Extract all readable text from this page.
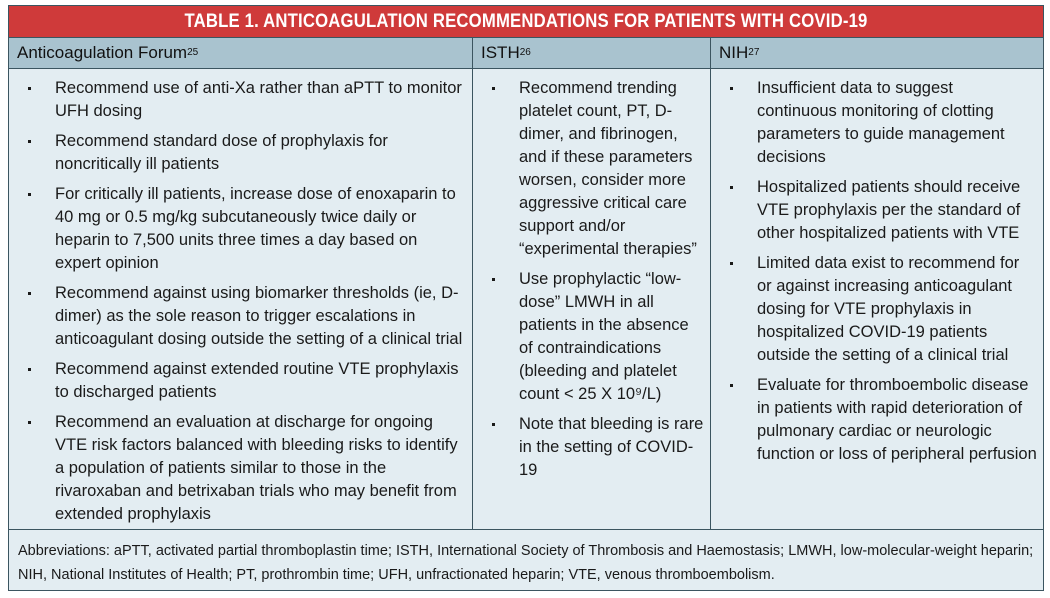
TABLE 1. ANTICOAGULATION RECOMMENDATIONS FOR PATIENTS WITH COVID-19
Anticoagulation Forum 25	ISTH 26	NIH 27
Recommend use of anti-Xa rather than aPTT to monitor UFH dosing
Recommend standard dose of prophylaxis for noncritically ill patients
For critically ill patients, increase dose of enoxaparin to 40 mg or 0.5 mg/kg subcutaneously twice daily or heparin to 7,500 units three times a day based on expert opinion
Recommend against using biomarker thresholds (ie, D-dimer) as the sole reason to trigger escalations in anticoagulant dosing outside the setting of a clinical trial
Recommend against extended routine VTE prophylaxis to discharged patients
Recommend an evaluation at discharge for ongoing VTE risk factors balanced with bleeding risks to identify a population of patients similar to those in the rivaroxaban and betrixaban trials who may benefit from extended prophylaxis
Recommend trending platelet count, PT, D-dimer, and fibrinogen, and if these parameters worsen, consider more aggressive critical care support and/or “experimental therapies”
Use prophylactic “low-dose” LMWH in all patients in the absence of contraindications (bleeding and platelet count < 25 X 10⁹/L)
Note that bleeding is rare in the setting of COVID-19
Insufficient data to suggest continuous monitoring of clotting parameters to guide management decisions
Hospitalized patients should receive VTE prophylaxis per the standard of other hospitalized patients with VTE
Limited data exist to recommend for or against increasing anticoagulant dosing for VTE prophylaxis in hospitalized COVID-19 patients outside the setting of a clinical trial
Evaluate for thromboembolic disease in patients with rapid deterioration of pulmonary cardiac or neurologic function or loss of peripheral perfusion
Abbreviations: aPTT, activated partial thromboplastin time; ISTH, International Society of Thrombosis and Haemostasis; LMWH, low-molecular-weight heparin; NIH, National Institutes of Health; PT, prothrombin time; UFH, unfractionated heparin; VTE, venous thromboembolism.
